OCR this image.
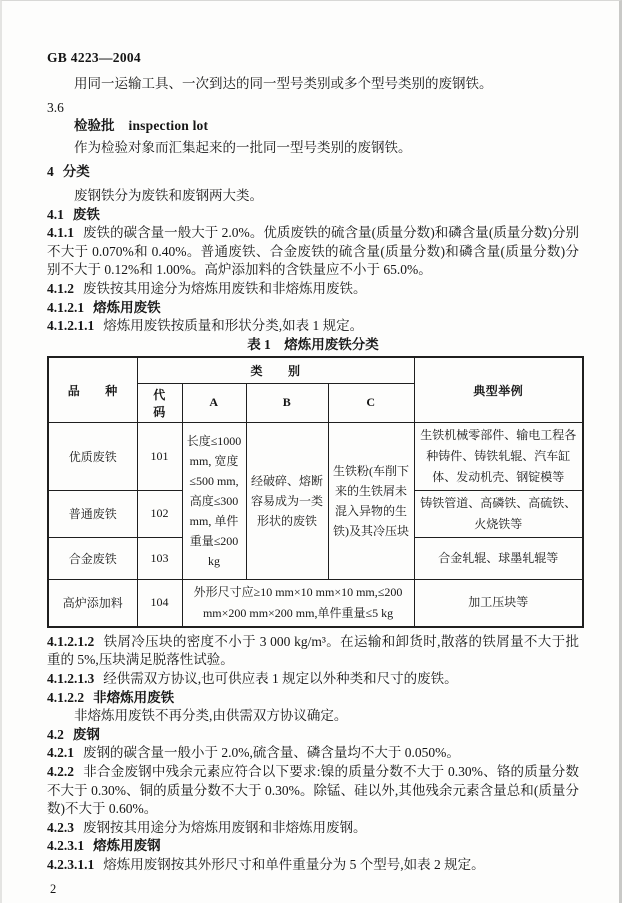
GB 4223—2004

用同一运输工具、一次到达的同一型号类别或多个型号类别的废钢铁。

3.6

检验批 inspection lot

作为检验对象而汇集起来的一批同一型号类别的废钢铁。

4 分类

废钢铁分为废铁和废钢两大类。

4.1 废铁

4.1.1 废铁的碳含量一般大于 2.0%。优质废铁的硫含量(质量分数)和磷含量(质量分数)分别不大于 0.070%和 0.40%。普通废铁、合金废铁的硫含量(质量分数)和磷含量(质量分数)分别不大于 0.12%和 1.00%。高炉添加料的含铁量应不小于 65.0%。

4.1.2 废铁按其用途分为熔炼用废铁和非熔炼用废铁。

4.1.2.1 熔炼用废铁

4.1.2.1.1 熔炼用废铁按质量和形状分类,如表 1 规定。

表 1　熔炼用废铁分类
品　　种	类　　别				典型举例
	代　码	A	B	C	
优质废铁	101	长度≤1000 mm, 宽度≤500 mm,高度≤300 mm, 单件重量≤200 kg	经破碎、熔断容易成为一类形状的废铁	生铁粉(车削下来的生铁屑未混入异物的生铁)及其冷压块	生铁机械零部件、输电工程各种铸件、铸铁轧辊、汽车缸体、发动机壳、钢锭模等
普通废铁	102				铸铁管道、高磷铁、高硫铁、火烧铁等
合金废铁	103				合金轧辊、球墨轧辊等
高炉添加料	104	外形尺寸应≥10 mm×10 mm×10 mm,≤200 mm×200 mm×200 mm,单件重量≤5 kg			加工压块等

4.1.2.1.2 铁屑冷压块的密度不小于 3 000 kg/m³。在运输和卸货时,散落的铁屑量不大于批重的 5%,压块满足脱落性试验。

4.1.2.1.3 经供需双方协议,也可供应表 1 规定以外种类和尺寸的废铁。

4.1.2.2 非熔炼用废铁

非熔炼用废铁不再分类,由供需双方协议确定。

4.2 废钢

4.2.1 废钢的碳含量一般小于 2.0%,硫含量、磷含量均不大于 0.050%。

4.2.2 非合金废钢中残余元素应符合以下要求:镍的质量分数不大于 0.30%、铬的质量分数不大于 0.30%、铜的质量分数不大于 0.30%。除锰、硅以外,其他残余元素含量总和(质量分数)不大于 0.60%。

4.2.3 废钢按其用途分为熔炼用废钢和非熔炼用废钢。

4.2.3.1 熔炼用废钢

4.2.3.1.1 熔炼用废钢按其外形尺寸和单件重量分为 5 个型号,如表 2 规定。

2
